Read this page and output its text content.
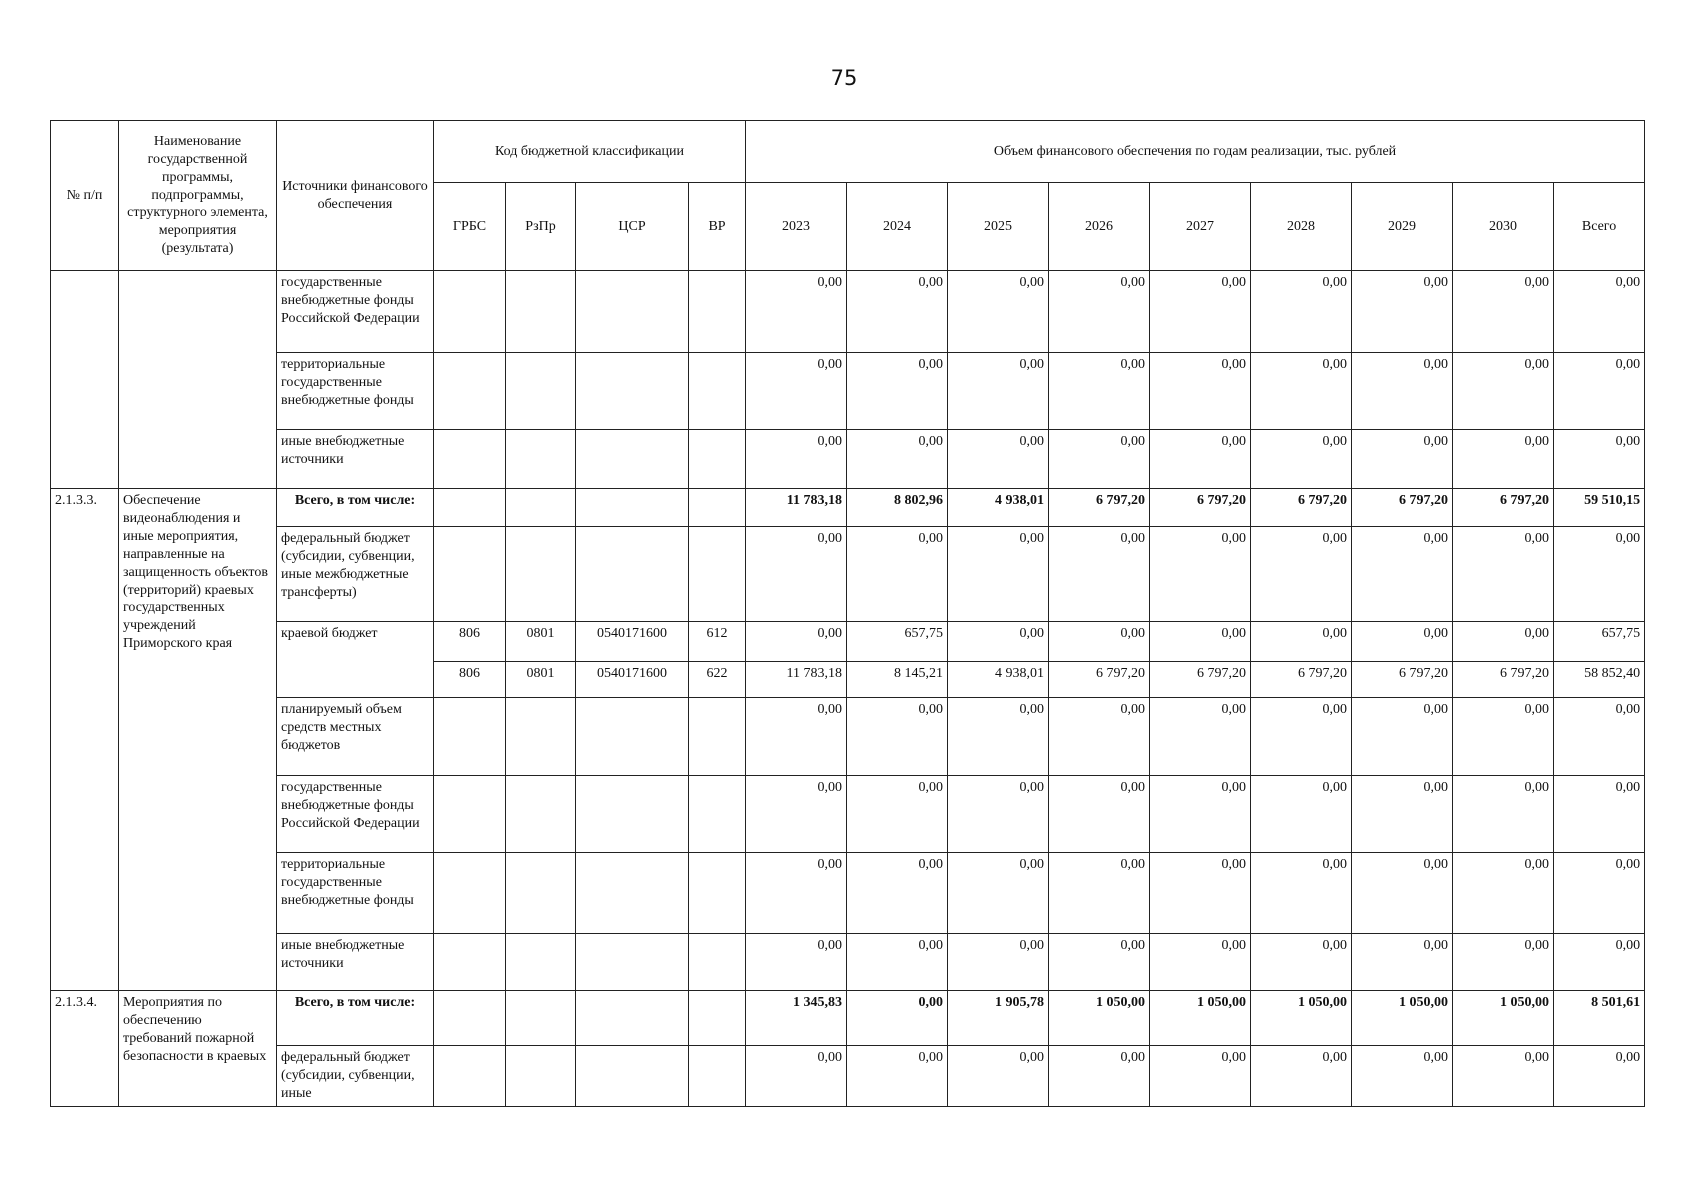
75
№ п/п	Наименование государственной программы, подпрограммы, структурного элемента, мероприятия (результата)	Источники финансового обеспечения	Код бюджетной классификации				Объем финансового обеспечения по годам реализации, тыс. рублей								
			ГРБС	РзПр	ЦСР	ВР	2023	2024	2025	2026	2027	2028	2029	2030	Всего
		государственные внебюджетные фонды Российской Федерации					0,00	0,00	0,00	0,00	0,00	0,00	0,00	0,00	0,00
		территориальные государственные внебюджетные фонды					0,00	0,00	0,00	0,00	0,00	0,00	0,00	0,00	0,00
		иные внебюджетные источники					0,00	0,00	0,00	0,00	0,00	0,00	0,00	0,00	0,00
2.1.3.3.	Обеспечение видеонаблюдения и иные мероприятия, направленные на защищенность объектов (территорий) краевых государственных учреждений Приморского края	Всего, в том числе:					11 783,18	8 802,96	4 938,01	6 797,20	6 797,20	6 797,20	6 797,20	6 797,20	59 510,15
		федеральный бюджет (субсидии, субвенции, иные межбюджетные трансферты)					0,00	0,00	0,00	0,00	0,00	0,00	0,00	0,00	0,00
		краевой бюджет	806	0801	0540171600	612	0,00	657,75	0,00	0,00	0,00	0,00	0,00	0,00	657,75
			806	0801	0540171600	622	11 783,18	8 145,21	4 938,01	6 797,20	6 797,20	6 797,20	6 797,20	6 797,20	58 852,40
		планируемый объем средств местных бюджетов					0,00	0,00	0,00	0,00	0,00	0,00	0,00	0,00	0,00
		государственные внебюджетные фонды Российской Федерации					0,00	0,00	0,00	0,00	0,00	0,00	0,00	0,00	0,00
		территориальные государственные внебюджетные фонды					0,00	0,00	0,00	0,00	0,00	0,00	0,00	0,00	0,00
		иные внебюджетные источники					0,00	0,00	0,00	0,00	0,00	0,00	0,00	0,00	0,00
2.1.3.4.	Мероприятия по обеспечению требований пожарной безопасности в краевых	Всего, в том числе:					1 345,83	0,00	1 905,78	1 050,00	1 050,00	1 050,00	1 050,00	1 050,00	8 501,61
		федеральный бюджет (субсидии, субвенции, иные					0,00	0,00	0,00	0,00	0,00	0,00	0,00	0,00	0,00
